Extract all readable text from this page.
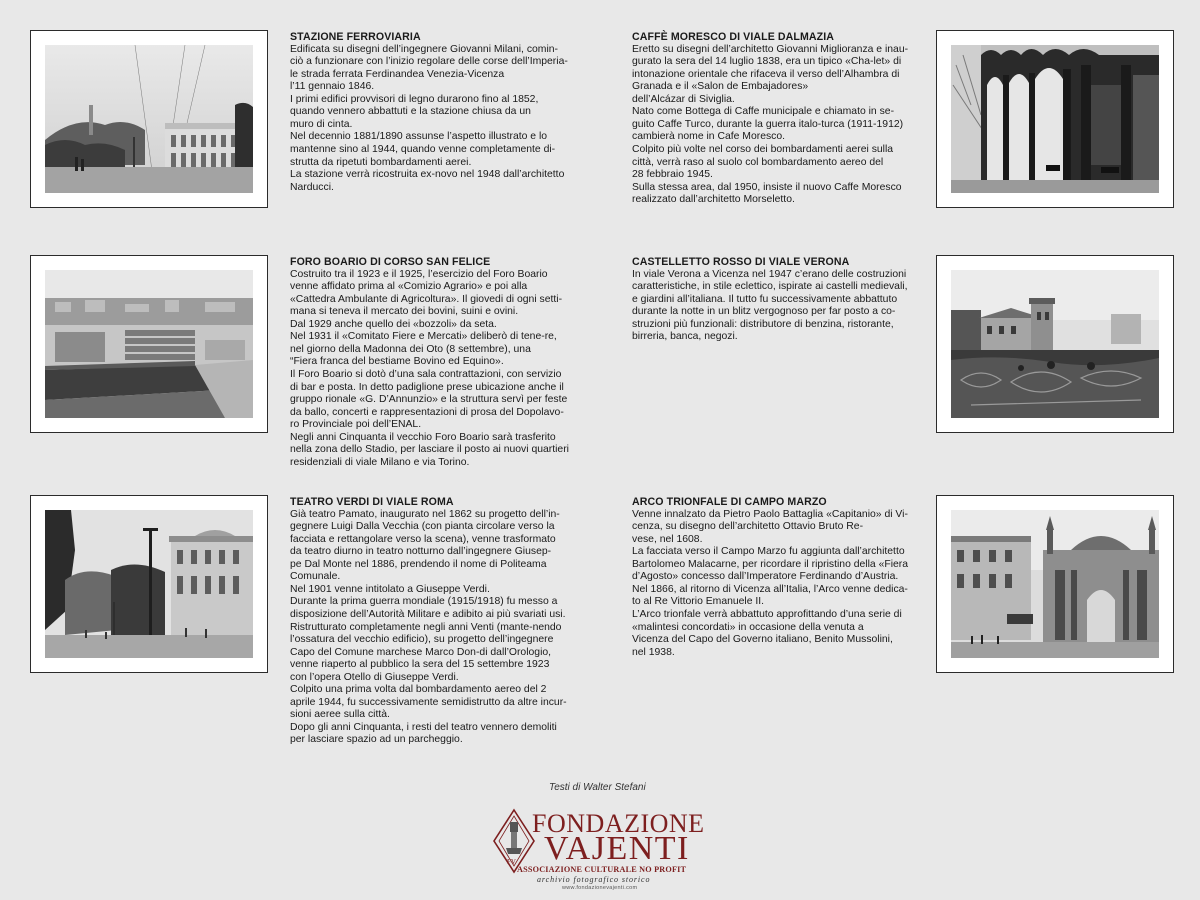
STAZIONE FERROVIARIA

Edificata su disegni dell’ingegnere Giovanni Milani, comin-

ciò a funzionare con l’inizio regolare delle corse dell’Imperia-

le strada ferrata Ferdinandea Venezia-Vicenza

l’11 gennaio 1846.

I primi edifici provvisori di legno durarono fino al 1852,

quando vennero abbattuti e la stazione chiusa da un

muro di cinta.

Nel decennio 1881/1890 assunse l’aspetto illustrato e lo

mantenne sino al 1944, quando venne completamente di-

strutta da ripetuti bombardamenti aerei.

La stazione verrà ricostruita ex-novo nel 1948 dall’architetto

Narducci.

CAFFÈ MORESCO DI VIALE DALMAZIA

Eretto su disegni dell’architetto Giovanni Miglioranza e inau-

gurato la sera del 14 luglio 1838, era un tipico «Cha-let» di

intonazione orientale che rifaceva il verso dell’Alhambra di

Granada e il «Salon de Embajadores»

dell’Alcázar di Siviglia.

Nato come Bottega di Caffe municipale e chiamato in se-

guito Caffe Turco, durante la guerra italo-turca (1911-1912)

cambierà nome in Cafe Moresco.

Colpito più volte nel corso dei bombardamenti aerei sulla

città, verrà raso al suolo col bombardamento aereo del

28 febbraio 1945.

Sulla stessa area, dal 1950, insiste il nuovo Caffe Moresco

realizzato dall’architetto Morseletto.

FORO BOARIO DI CORSO SAN FELICE

Costruito tra il 1923 e il 1925, l’esercizio del Foro Boario

venne affidato prima al «Comizio Agrario» e poi alla

«Cattedra Ambulante di Agricoltura». Il giovedi di ogni setti-

mana si teneva il mercato dei bovini, suini e ovini.

Dal 1929 anche quello dei «bozzoli» da seta.

Nel 1931 il «Comitato Fiere e Mercati» deliberò di tene-re,

nel giorno della Madonna dei Oto (8 settembre), una

“Fiera franca del bestiame Bovino ed Equino».

Il Foro Boario si dotò d’una sala contrattazioni, con servizio

di bar e posta. In detto padiglione prese ubicazione anche il

gruppo rionale «G. D’Annunzio» e la struttura servì per feste

da ballo, concerti e rappresentazioni di prosa del Dopolavo-

ro Provinciale poi dell’ENAL.

Negli anni Cinquanta il vecchio Foro Boario sarà trasferito

nella zona dello Stadio, per lasciare il posto ai nuovi quartieri

residenziali di viale Milano e via Torino.

CASTELLETTO ROSSO DI VIALE VERONA

In viale Verona a Vicenza nel 1947 c’erano delle costruzioni

caratteristiche, in stile eclettico, ispirate ai castelli medievali,

e giardini all’italiana. Il tutto fu successivamente abbattuto

durante la notte in un blitz vergognoso per far posto a co-

struzioni più funzionali: distributore di benzina, ristorante,

birreria, banca, negozi.

TEATRO VERDI DI VIALE ROMA

Già teatro Pamato, inaugurato nel 1862 su progetto dell’in-

gegnere Luigi Dalla Vecchia (con pianta circolare verso la

facciata e rettangolare verso la scena), venne trasformato

da teatro diurno in teatro notturno dall’ingegnere Giusep-

pe Dal Monte nel 1886, prendendo il nome di Politeama

Comunale.

Nel 1901 venne intitolato a Giuseppe Verdi.

Durante la prima guerra mondiale (1915/1918) fu messo a

disposizione dell’Autorità Militare e adibito ai più svariati usi.

Ristrutturato completamente negli anni Venti (mante-nendo

l’ossatura del vecchio edificio), su progetto dell’ingegnere

Capo del Comune marchese Marco Don-di dall’Orologio,

venne riaperto al pubblico la sera del 15 settembre 1923

con l’opera Otello di Giuseppe Verdi.

Colpito una prima volta dal bombardamento aereo del 2

aprile 1944, fu successivamente semidistrutto da altre incur-

sioni aeree sulla città.

Dopo gli anni Cinquanta, i resti del teatro vennero demoliti

per lasciare spazio ad un parcheggio.

ARCO TRIONFALE DI CAMPO MARZO

Venne innalzato da Pietro Paolo Battaglia «Capitanio» di Vi-

cenza, su disegno dell’architetto Ottavio Bruto Re-

vese, nel 1608.

La facciata verso il Campo Marzo fu aggiunta dall’architetto

Bartolomeo Malacarne, per ricordare il ripristino della «Fiera

d’Agosto» concesso dall’Imperatore Ferdinando d’Austria.

Nel 1866, al ritorno di Vicenza all’Italia, l’Arco venne dedica-

to al Re Vittorio Emanuele II.

L’Arco trionfale verrà abbattuto approfittando d’una serie di

«malintesi concordati» in occasione della venuta a

Vicenza del Capo del Governo italiano, Benito Mussolini,

nel 1938.

Testi di Walter Stefani
FV
FONDAZIONE
VAJENTI
ASSOCIAZIONE CULTURALE NO PROFIT
archivio fotografico storico
www.fondazionevajenti.com
